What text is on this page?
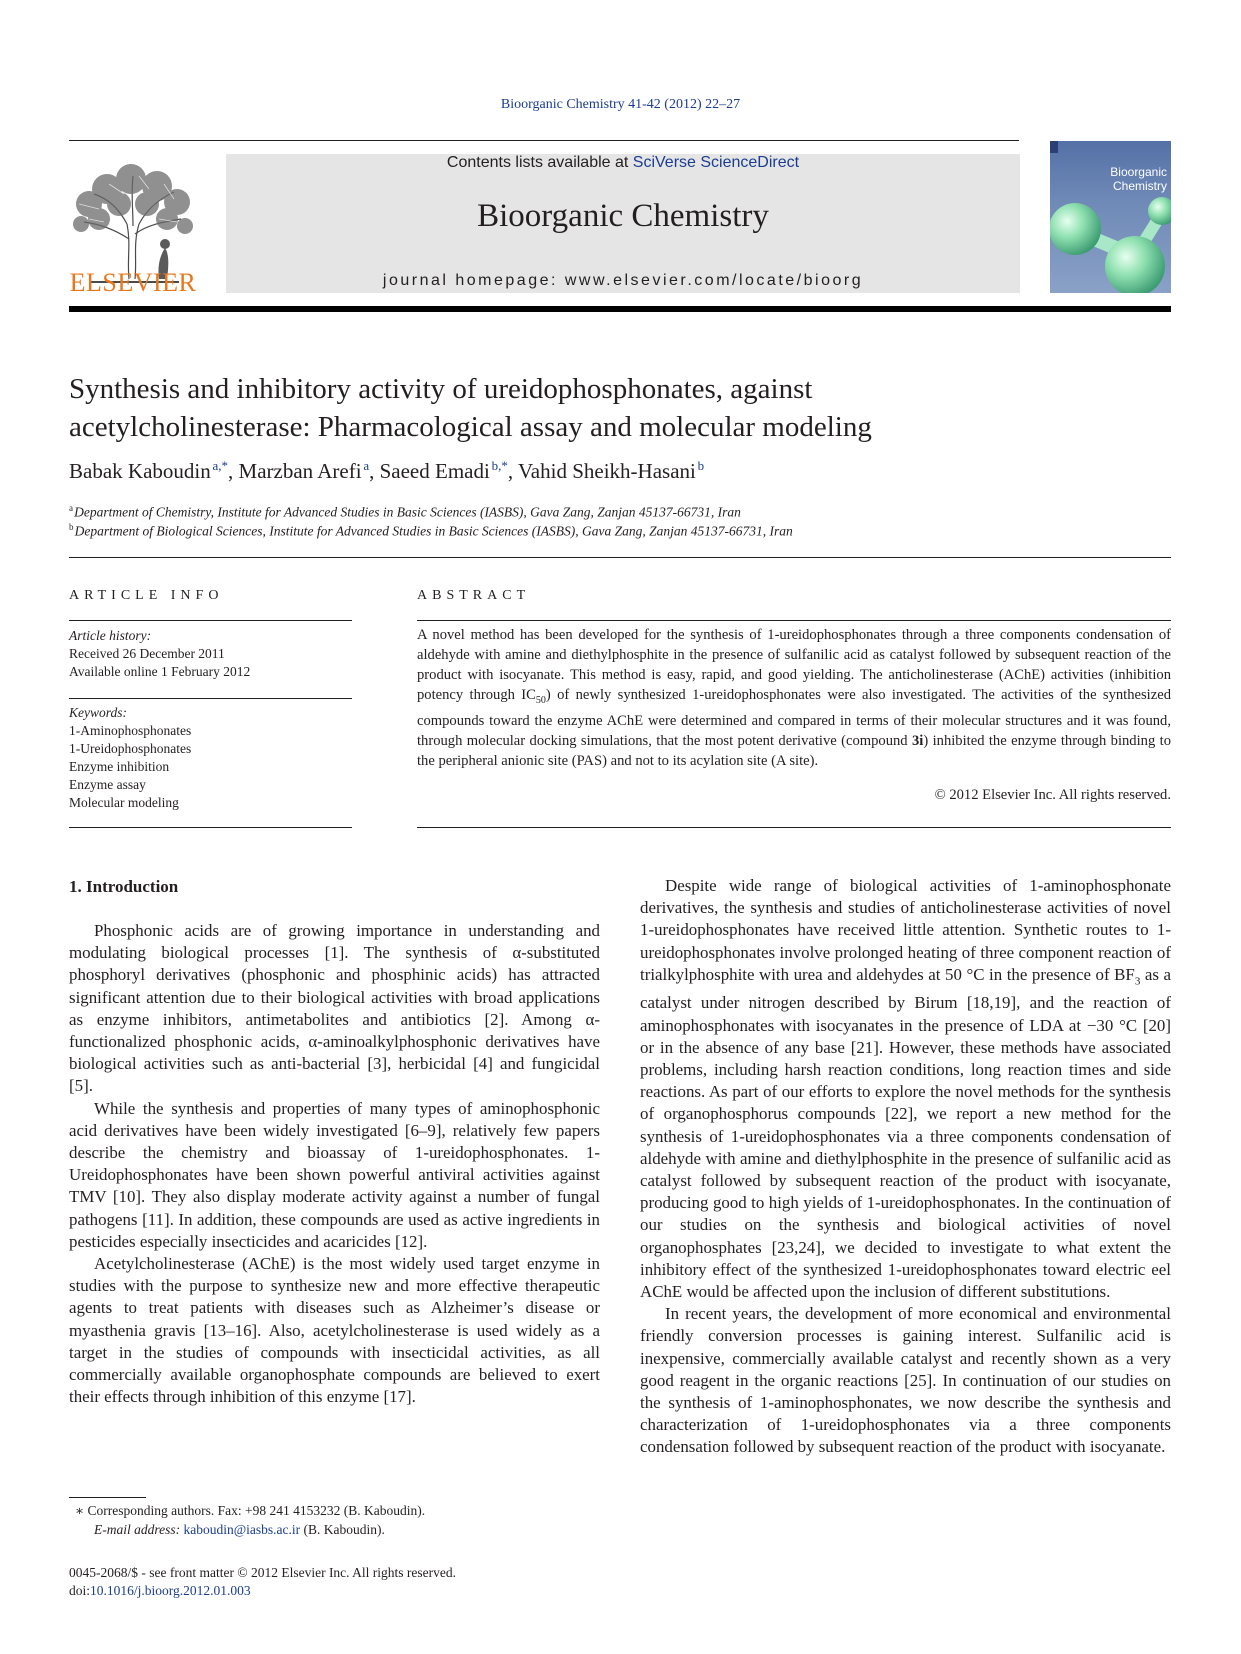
Bioorganic Chemistry 41-42 (2012) 22–27
ELSEVIER
Contents lists available at SciVerse ScienceDirect
Bioorganic Chemistry
journal homepage: www.elsevier.com/locate/bioorg
Bioorganic
Chemistry
Synthesis and inhibitory activity of ureidophosphonates, against
acetylcholinesterase: Pharmacological assay and molecular modeling
Babak Kaboudin  $^{a,*}$, Marzban Arefi  $^a$, Saeed Emadi  $^{b,*}$, Vahid Sheikh-Hasani  $^b$
$^a$ Department of Chemistry, Institute for Advanced Studies in Basic Sciences (IASBS), Gava Zang, Zanjan 45137-66731, Iran
$^b$ Department of Biological Sciences, Institute for Advanced Studies in Basic Sciences (IASBS), Gava Zang, Zanjan 45137-66731, Iran
ARTICLE INFO
Article history:
Received 26 December 2011
Available online 1 February 2012
Keywords:
1-Aminophosphonates
1-Ureidophosphonates
Enzyme inhibition
Enzyme assay
Molecular modeling
ABSTRACT
A novel method has been developed for the synthesis of 1-ureidophosphonates through a three components condensation of aldehyde with amine and diethylphosphite in the presence of sulfanilic acid as catalyst followed by subsequent reaction of the product with isocyanate. This method is easy, rapid, and good yielding. The anticholinesterase (AChE) activities (inhibition potency through $IC_{50}$) of newly synthesized 1-ureidophosphonates were also investigated. The activities of the synthesized compounds toward the enzyme AChE were determined and compared in terms of their molecular structures and it was found, through molecular docking simulations, that the most potent derivative (compound 3i) inhibited the enzyme through binding to the peripheral anionic site (PAS) and not to its acylation site (A site).
© 2012 Elsevier Inc. All rights reserved.
1. Introduction

Phosphonic acids are of growing importance in understanding and modulating biological processes [1]. The synthesis of α-substituted phosphoryl derivatives (phosphonic and phosphinic acids) has attracted significant attention due to their biological activities with broad applications as enzyme inhibitors, antimetabolites and antibiotics [2]. Among α-functionalized phosphonic acids, α-aminoalkylphosphonic derivatives have biological activities such as anti-bacterial [3], herbicidal [4] and fungicidal [5].

While the synthesis and properties of many types of aminophosphonic acid derivatives have been widely investigated [6–9], relatively few papers describe the chemistry and bioassay of 1-ureidophosphonates. 1-Ureidophosphonates have been shown powerful antiviral activities against TMV [10]. They also display moderate activity against a number of fungal pathogens [11]. In addition, these compounds are used as active ingredients in pesticides especially insecticides and acaricides [12].

Acetylcholinesterase (AChE) is the most widely used target enzyme in studies with the purpose to synthesize new and more effective therapeutic agents to treat patients with diseases such as Alzheimer’s disease or myasthenia gravis [13–16]. Also, acetylcholinesterase is used widely as a target in the studies of compounds with insecticidal activities, as all commercially available organophosphate compounds are believed to exert their effects through inhibition of this enzyme [17].

Despite wide range of biological activities of 1-aminophosphonate derivatives, the synthesis and studies of anticholinesterase activities of novel 1-ureidophosphonates have received little attention. Synthetic routes to 1-ureidophosphonates involve prolonged heating of three component reaction of trialkylphosphite with urea and aldehydes at 50 °C in the presence of $BF_3$ as a catalyst under nitrogen described by Birum [18,19], and the reaction of aminophosphonates with isocyanates in the presence of LDA at −30 °C [20] or in the absence of any base [21]. However, these methods have associated problems, including harsh reaction conditions, long reaction times and side reactions. As part of our efforts to explore the novel methods for the synthesis of organophosphorus compounds [22], we report a new method for the synthesis of 1-ureidophosphonates via a three components condensation of aldehyde with amine and diethylphosphite in the presence of sulfanilic acid as catalyst followed by subsequent reaction of the product with isocyanate, producing good to high yields of 1-ureidophosphonates. In the continuation of our studies on the synthesis and biological activities of novel organophosphates [23,24], we decided to investigate to what extent the inhibitory effect of the synthesized 1-ureidophosphonates toward electric eel AChE would be affected upon the inclusion of different substitutions.

In recent years, the development of more economical and environmental friendly conversion processes is gaining interest. Sulfanilic acid is inexpensive, commercially available catalyst and recently shown as a very good reagent in the organic reactions [25]. In continuation of our studies on the synthesis of 1-aminophosphonates, we now describe the synthesis and characterization of 1-ureidophosphonates via a three components condensation followed by subsequent reaction of the product with isocyanate.

∗ Corresponding authors. Fax: +98 241 4153232 (B. Kaboudin).
E-mail address: kaboudin@iasbs.ac.ir (B. Kaboudin).
0045-2068/$ - see front matter © 2012 Elsevier Inc. All rights reserved.
doi:10.1016/j.bioorg.2012.01.003
